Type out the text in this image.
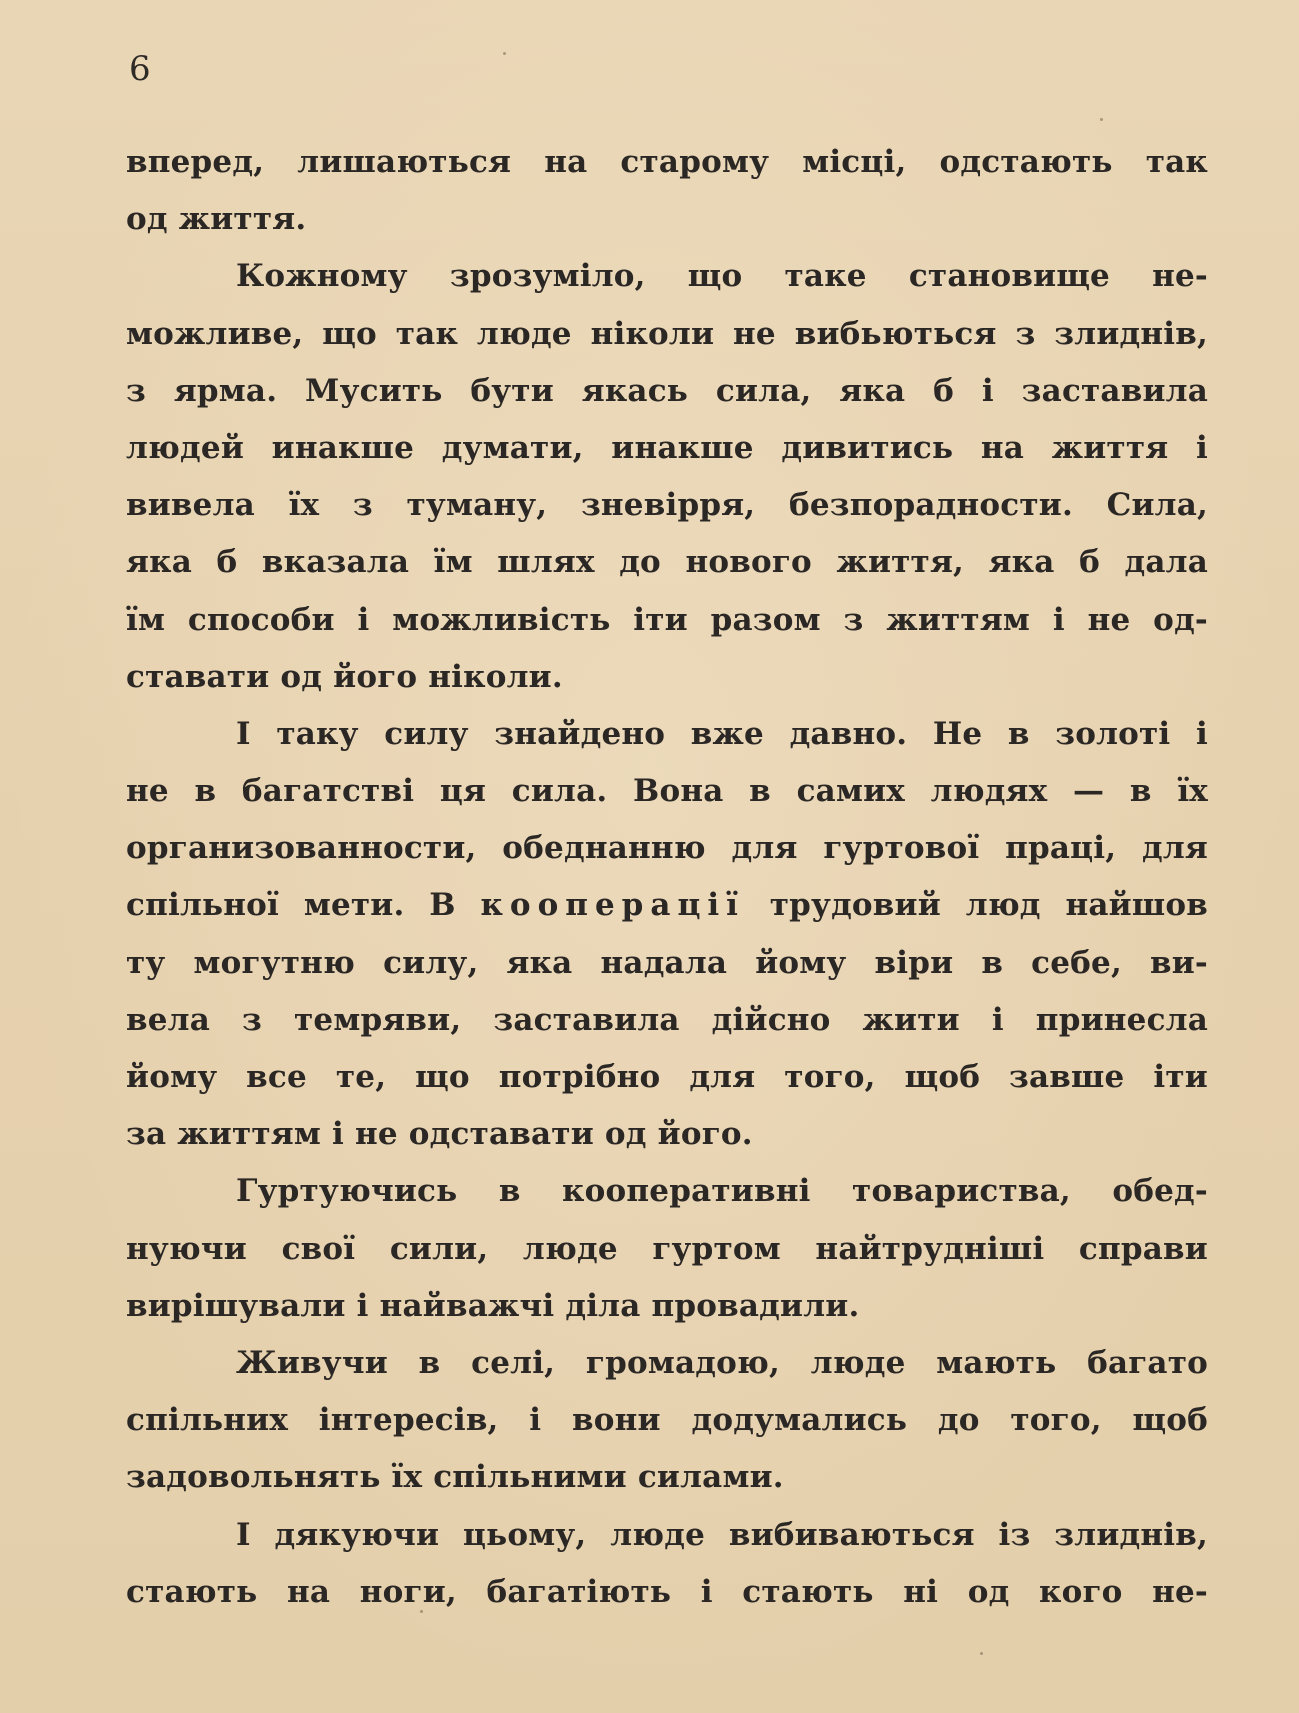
6
вперед, лишаються на старому місці, одстають так
од життя.
Кожному зрозуміло, що таке становище не-
можливе, що так люде ніколи не вибьються з злиднів,
з ярма. Мусить бути якась сила, яка б і заставила
людей инакше думати, инакше дивитись на життя і
вивела їх з туману, зневірря, безпорадности. Сила,
яка б вказала їм шлях до нового життя, яка б дала
їм способи і можливість іти разом з життям і не од-
ставати од його ніколи.
І таку силу знайдено вже давно. Не в золоті і
не в багатстві ця сила. Вона в самих людях — в їх
организованности, обеднанню для гуртової праці, для
спільної мети. В кооперації трудовий люд найшов
ту могутню силу, яка надала йому віри в себе, ви-
вела з темряви, заставила дійсно жити і принесла
йому все те, що потрібно для того, щоб завше іти
за життям і не одставати од його.
Гуртуючись в кооперативні товариства, обед-
нуючи свої сили, люде гуртом найтрудніші справи
вирішували і найважчі діла провадили.
Живучи в селі, громадою, люде мають багато
спільних інтересів, і вони додумались до того, щоб
задовольнять їх спільними силами.
І дякуючи цьому, люде вибиваються із злиднів,
стають на ноги, багатіють і стають ні од кого не-
